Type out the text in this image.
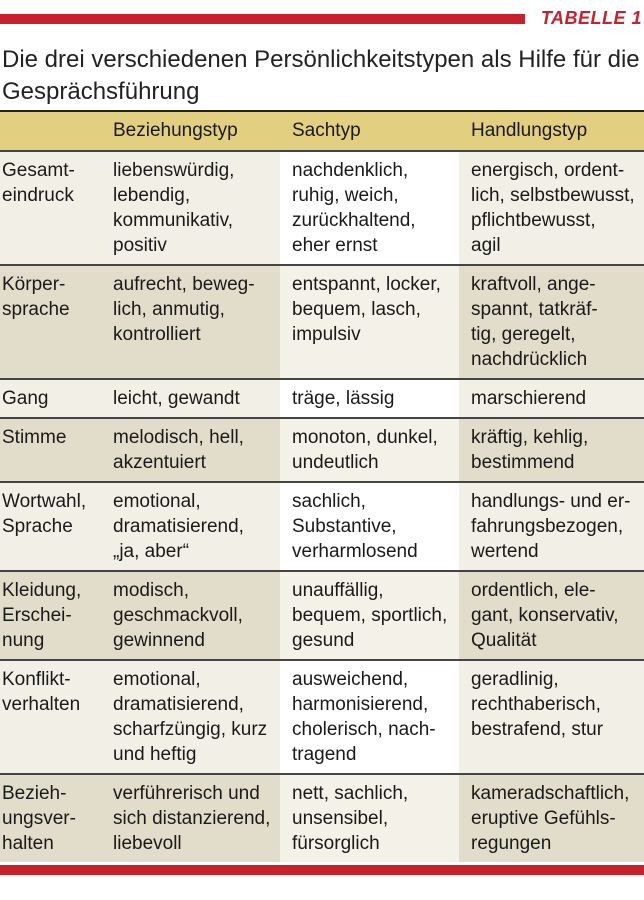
TABELLE 1
Die drei verschiedenen Persönlichkeitstypen als Hilfe für die Gesprächsführung
	Beziehungstyp	Sachtyp	Handlungstyp

Gesamt-
eindruck	liebenswürdig,
lebendig,
kommunikativ,
positiv	nachdenklich,
ruhig, weich,
zurückhaltend,
eher ernst	energisch, ordent-
lich, selbstbewusst,
pflichtbewusst,
agil

Körper-
sprache	aufrecht, beweg-
lich, anmutig,
kontrolliert	entspannt, locker,
bequem, lasch,
impulsiv	kraftvoll, ange-
spannt, tatkräf-
tig, geregelt,
nachdrücklich

Gang	leicht, gewandt	träge, lässig	marschierend

Stimme	melodisch, hell,
akzentuiert	monoton, dunkel,
undeutlich	kräftig, kehlig,
bestimmend

Wortwahl,
Sprache	emotional,
dramatisierend,
„ja, aber“	sachlich,
Substantive,
verharmlosend	handlungs- und er-
fahrungsbezogen,
wertend

Kleidung,
Erschei-
nung	modisch,
geschmackvoll,
gewinnend	unauffällig,
bequem, sportlich,
gesund	ordentlich, ele-
gant, konservativ,
Qualität

Konflikt-
verhalten	emotional,
dramatisierend,
scharfzüngig, kurz
und heftig	ausweichend,
harmonisierend,
cholerisch, nach-
tragend	geradlinig,
rechthaberisch,
bestrafend, stur

Bezieh-
ungsver-
halten	verführerisch und
sich distanzierend,
liebevoll	nett, sachlich,
unsensibel,
fürsorglich	kameradschaftlich,
eruptive Gefühls-
regungen
